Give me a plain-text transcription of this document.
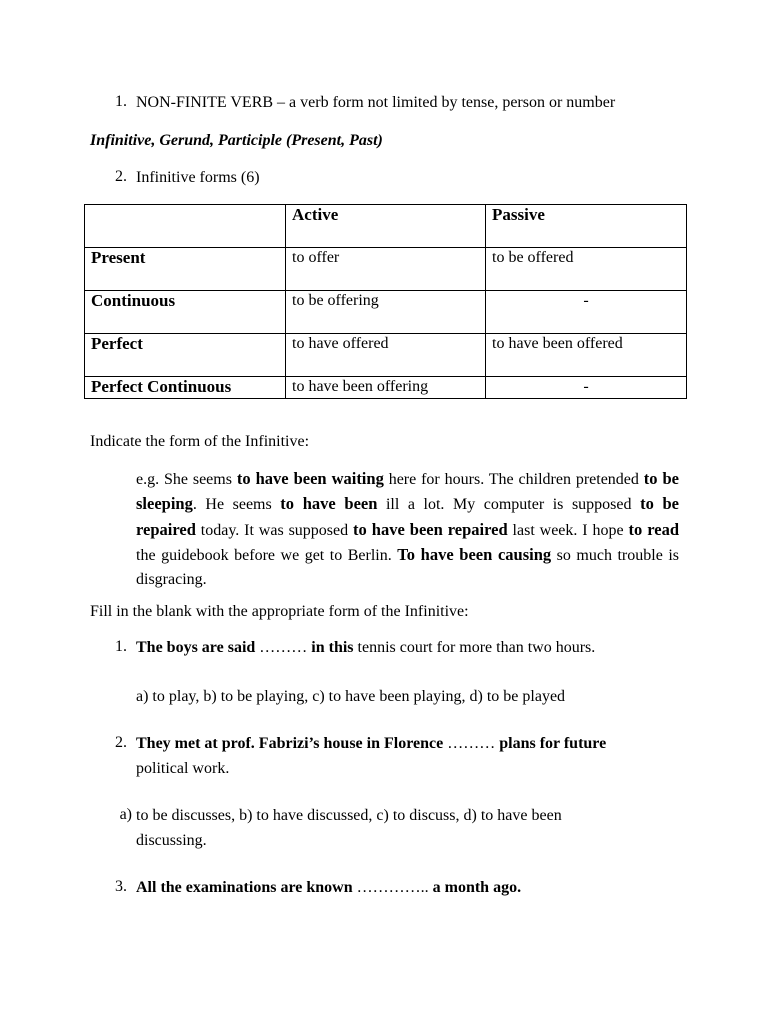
1. NON-FINITE VERB – a verb form not limited by tense, person or number
Infinitive, Gerund, Participle (Present, Past)
2. Infinitive forms (6)
	Active	Passive
Present	to offer	to be offered
Continuous	to be offering	-
Perfect	to have offered	to have been offered
Perfect Continuous	to have been offering	-
Indicate the form of the Infinitive:
e.g. She seems to have been waiting here for hours. The children pretended to be sleeping. He seems to have been ill a lot. My computer is supposed to be repaired today. It was supposed to have been repaired last week. I hope to read the guidebook before we get to Berlin. To have been causing so much trouble is disgracing.
Fill in the blank with the appropriate form of the Infinitive:
1. The boys are said ……… in this tennis court for more than two hours.
a) to play, b) to be playing, c) to have been playing, d) to be played
2. They met at prof. Fabrizi’s house in Florence ……… plans for future
political work.
a) to be discusses, b) to have discussed, c) to discuss, d) to have been
discussing.
3. All the examinations are known ………….. a month ago.
